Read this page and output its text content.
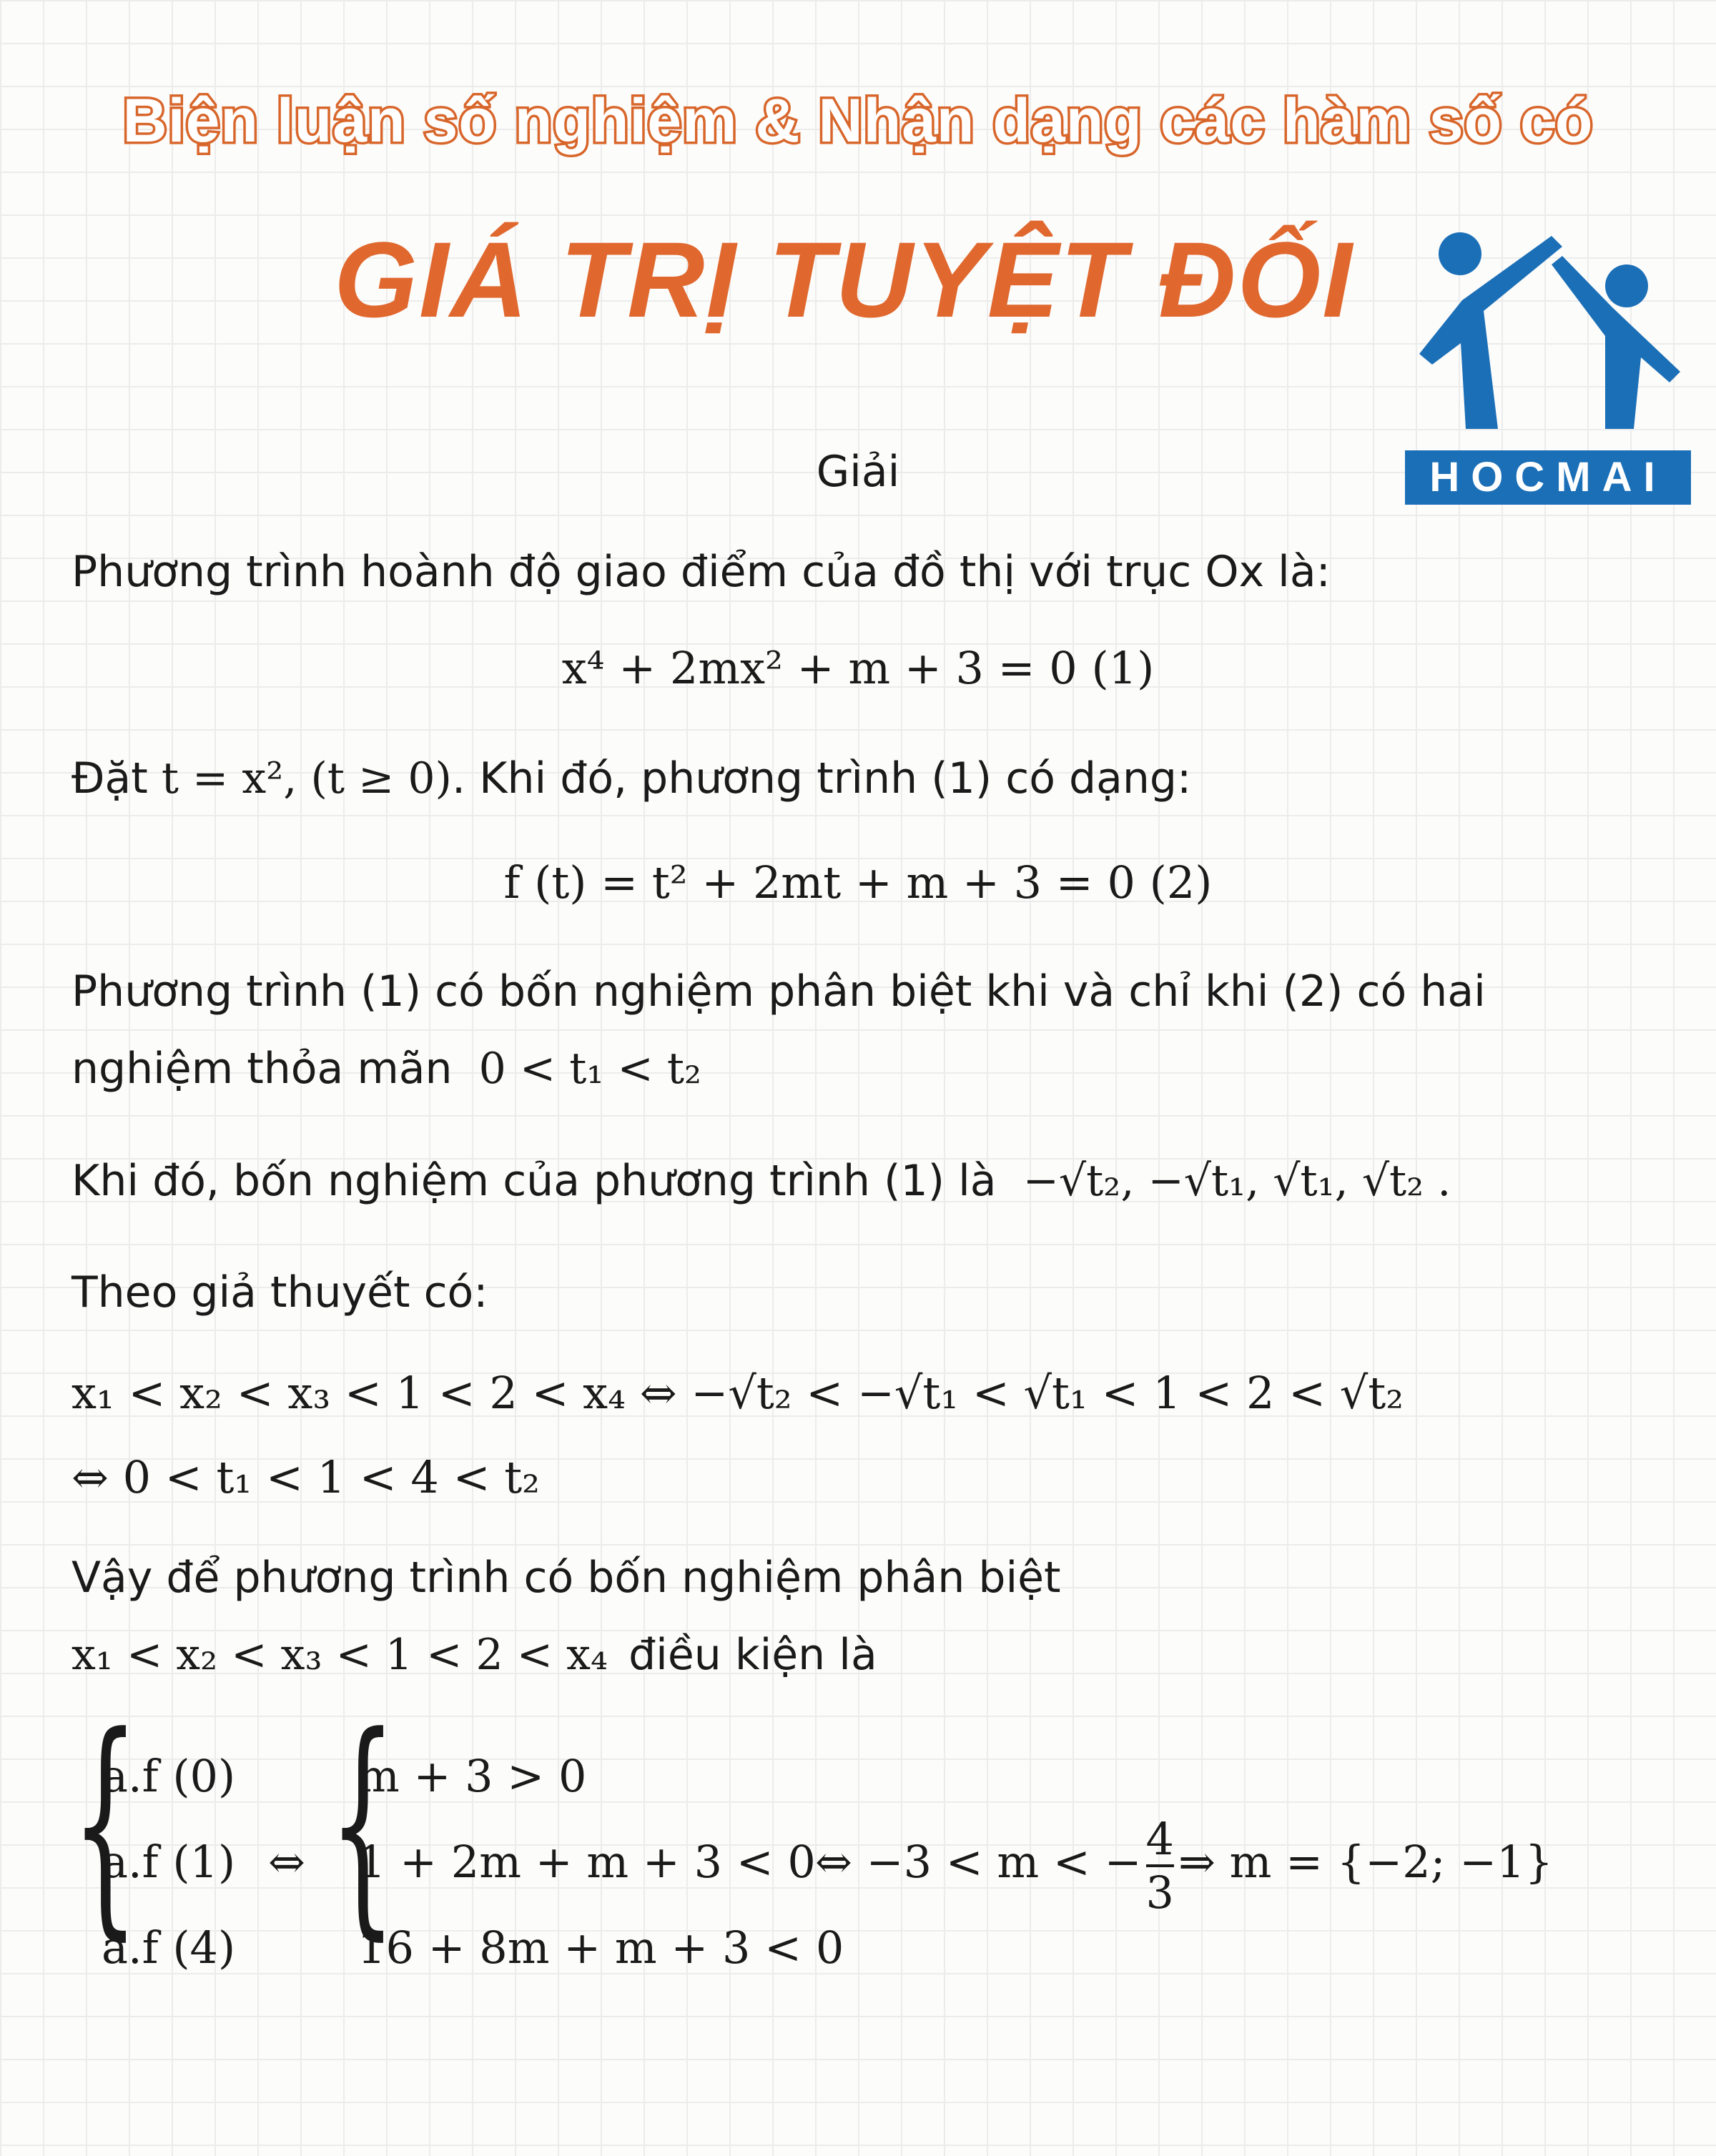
Biện luận số nghiệm & Nhận dạng các hàm số có
GIÁ TRỊ TUYỆT ĐỐI
HOCMAI
Giải
Phương trình hoành độ giao điểm của đồ thị với trục Ox là:
x⁴ + 2mx² + m + 3 = 0 (1)
Đặt t = x², (t ≥ 0). Khi đó, phương trình (1) có dạng:
f (t) = t² + 2mt + m + 3 = 0 (2)
Phương trình (1) có bốn nghiệm phân biệt khi và chỉ khi (2) có hai
nghiệm thỏa mãn 0 < t₁ < t₂
Khi đó, bốn nghiệm của phương trình (1) là −√t₂, −√t₁, √t₁, √t₂ .
Theo giả thuyết có:
x₁ < x₂ < x₃ < 1 < 2 < x₄ ⇔ −√t₂ < −√t₁ < √t₁ < 1 < 2 < √t₂
⇔ 0 < t₁ < 1 < 4 < t₂
Vậy để phương trình có bốn nghiệm phân biệt
x₁ < x₂ < x₃ < 1 < 2 < x₄ điều kiện là
{
a.f (0)
a.f (1)
a.f (4)
⇔ {
m + 3 > 0
1 + 2m + m + 3 < 0
16 + 8m + m + 3 < 0
⇔ −3 < m < − $\frac{4}{3}$ ⇒ m = {−2; −1}
